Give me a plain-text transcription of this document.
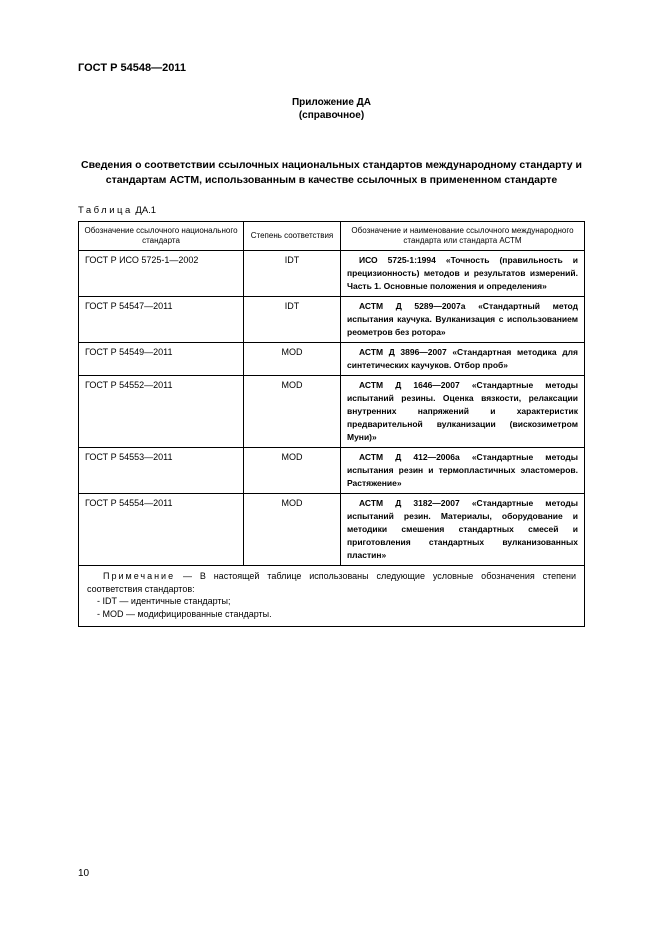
ГОСТ Р 54548—2011
Приложение ДА
(справочное)
Сведения о соответствии ссылочных национальных стандартов международному стандарту и стандартам АСТМ, использованным в качестве ссылочных в примененном стандарте
Таблица ДА.1
Обозначение ссылочного национального стандарта	Степень соответствия	Обозначение и наименование ссылочного международного стандарта или стандарта АСТМ
ГОСТ Р ИСО 5725-1—2002	IDT	ИСО 5725-1:1994 «Точность (правильность и прецизионность) методов и результатов измерений. Часть 1. Основные положения и определения»
ГОСТ Р 54547—2011	IDT	АСТМ Д 5289—2007а «Стандартный метод испытания каучука. Вулканизация с использованием реометров без ротора»
ГОСТ Р 54549—2011	MOD	АСТМ Д 3896—2007 «Стандартная методика для синтетических каучуков. Отбор проб»
ГОСТ Р 54552—2011	MOD	АСТМ Д 1646—2007 «Стандартные методы испытаний резины. Оценка вязкости, релаксации внутренних напряжений и характеристик предварительной вулканизации (вискозиметром Муни)»
ГОСТ Р 54553—2011	MOD	АСТМ Д 412—2006а «Стандартные методы испытания резин и термопластичных эластомеров. Растяжение»
ГОСТ Р 54554—2011	MOD	АСТМ Д 3182—2007 «Стандартные методы испытаний резин. Материалы, оборудование и методики смешения стандартных смесей и приготовления стандартных вулканизованных пластин»

Примечание — В настоящей таблице использованы следующие условные обозначения степени соответствия стандартов:
- IDT — идентичные стандарты;
- MOD — модифицированные стандарты.		
10
